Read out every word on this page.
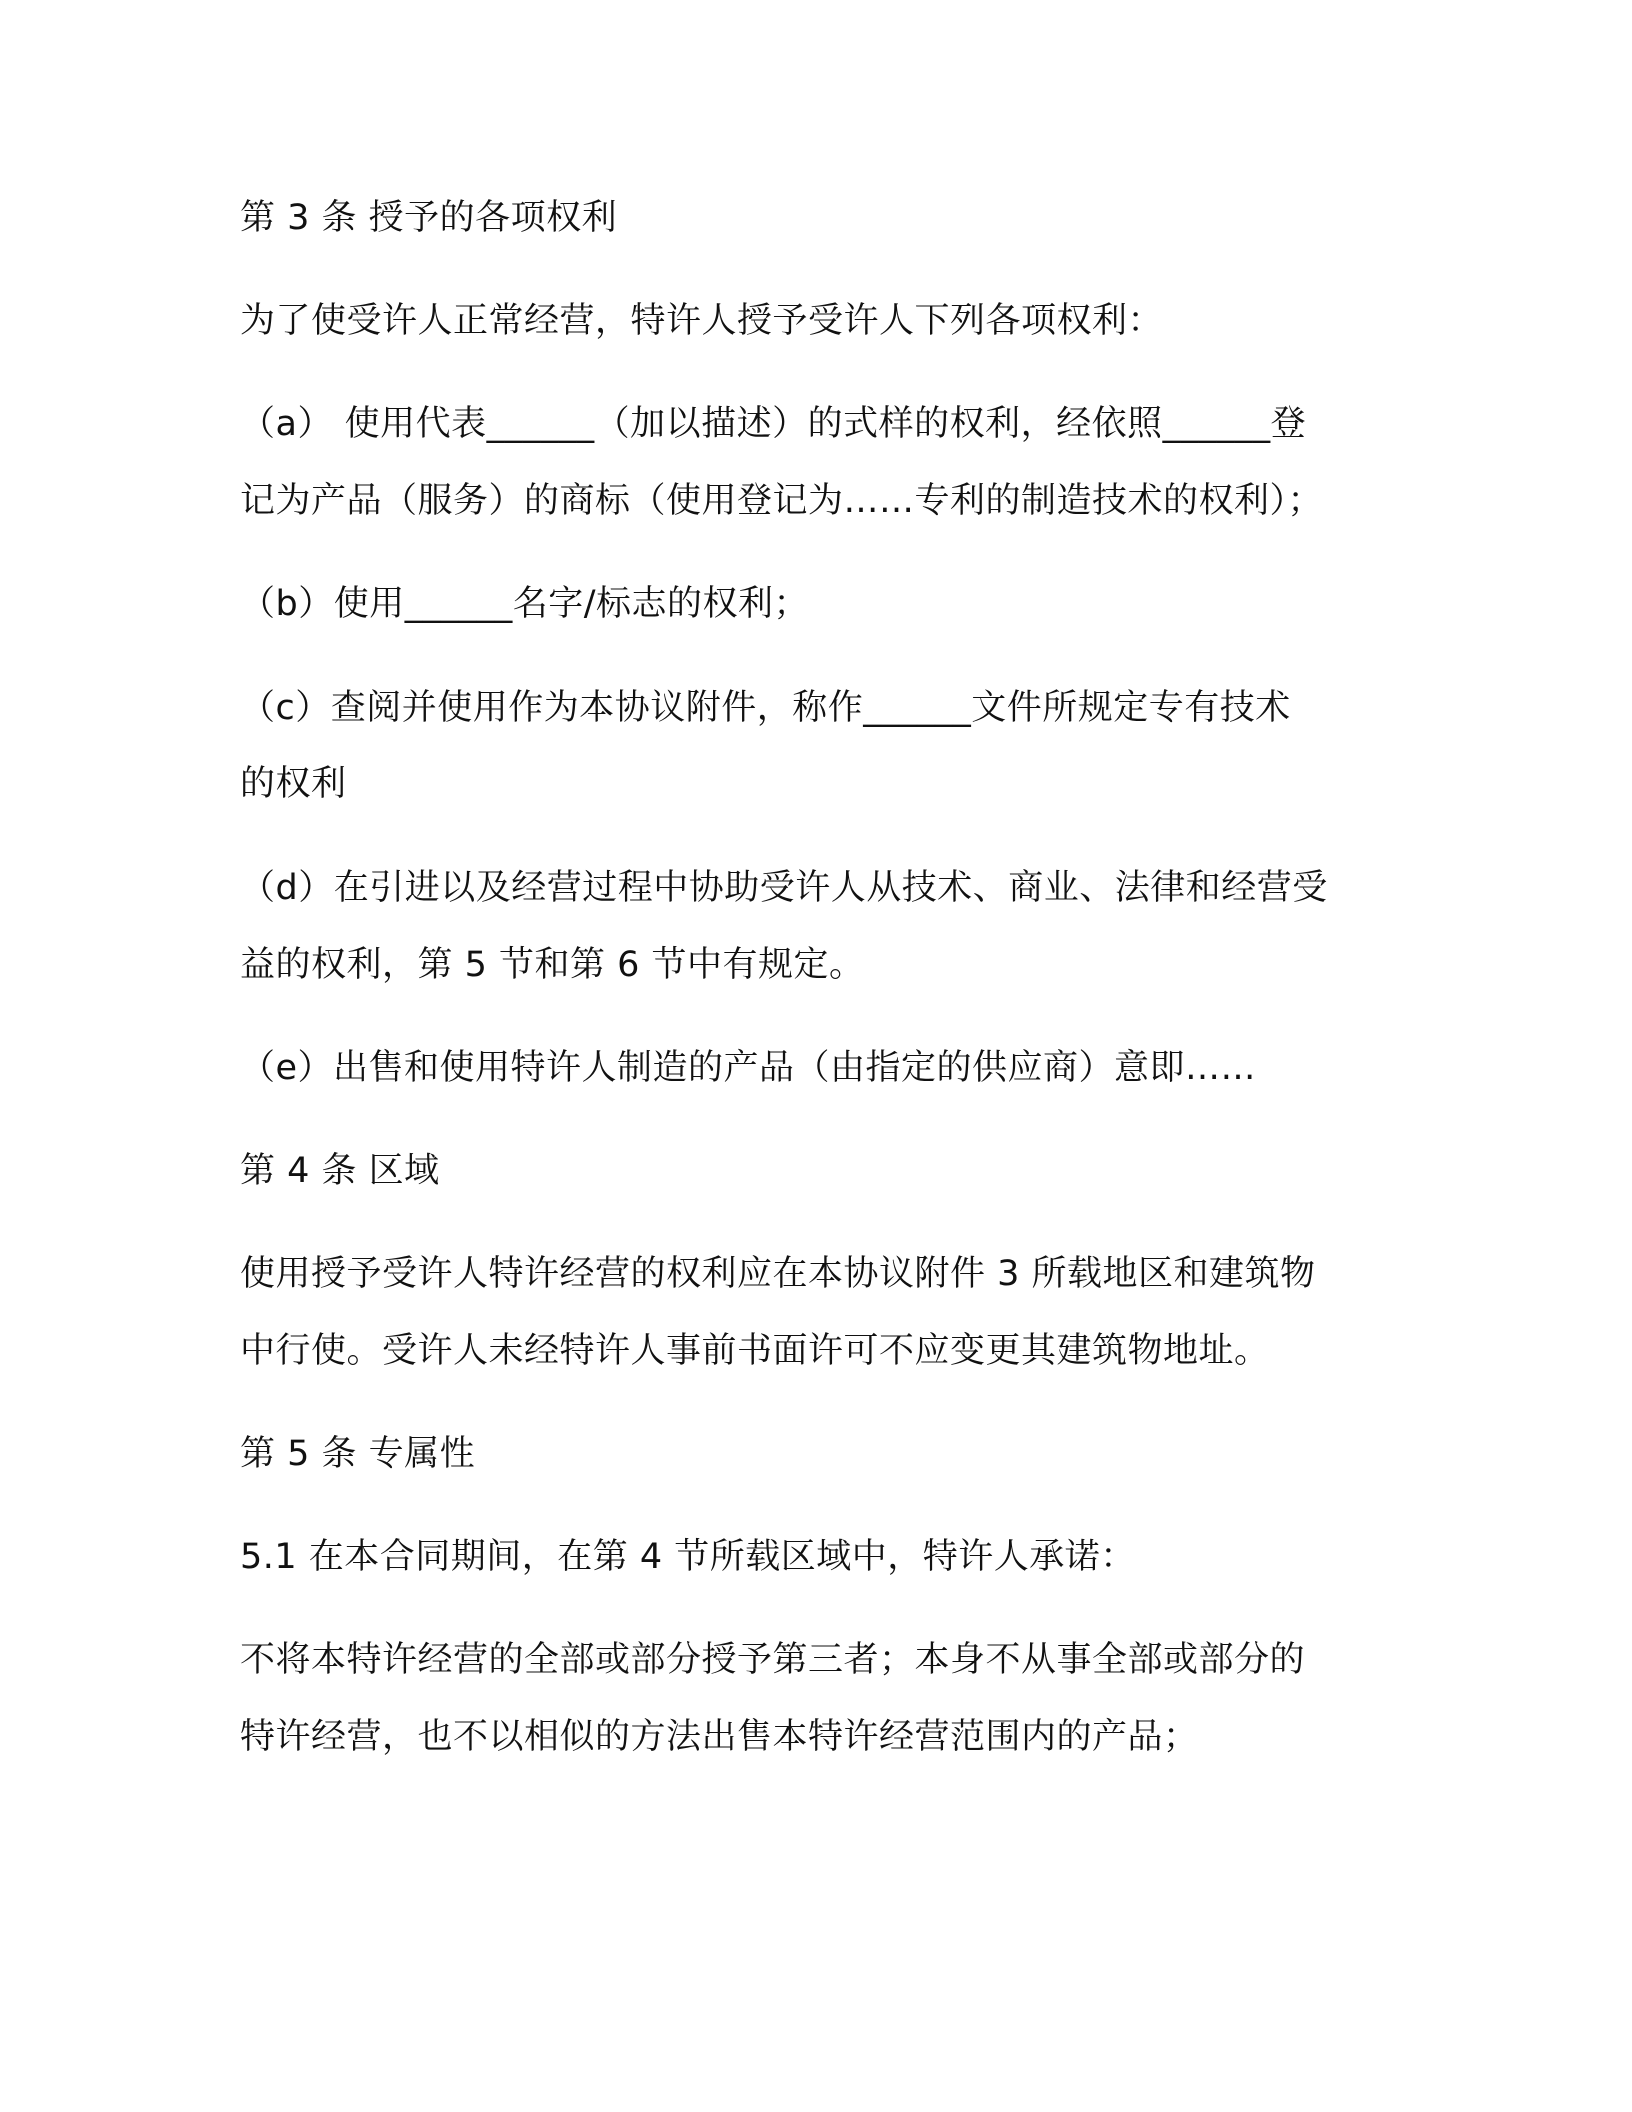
第 3 条 授予的各项权利
为了使受许人正常经营，特许人授予受许人下列各项权利：
（a） 使用代表______（加以描述）的式样的权利，经依照______登
记为产品（服务）的商标（使用登记为……专利的制造技术的权利）；
（b）使用______名字/标志的权利；
（c）查阅并使用作为本协议附件，称作______文件所规定专有技术
的权利
（d）在引进以及经营过程中协助受许人从技术、商业、法律和经营受
益的权利，第 5 节和第 6 节中有规定。
（e）出售和使用特许人制造的产品（由指定的供应商）意即……
第 4 条 区域
使用授予受许人特许经营的权利应在本协议附件 3 所载地区和建筑物
中行使。受许人未经特许人事前书面许可不应变更其建筑物地址。
第 5 条 专属性
5.1 在本合同期间，在第 4 节所载区域中，特许人承诺：
不将本特许经营的全部或部分授予第三者；本身不从事全部或部分的
特许经营，也不以相似的方法出售本特许经营范围内的产品；
